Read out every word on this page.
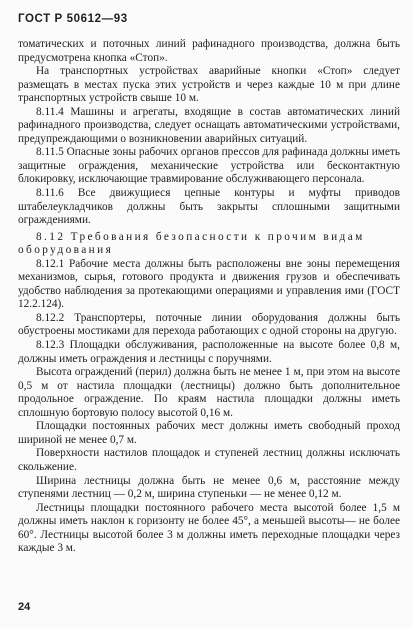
ГОСТ Р 50612—93

томатических и поточных линий рафинадного производства, должна быть предусмотрена кнопка «Стоп».

На транспортных устройствах аварийные кнопки «Стоп» следует размещать в местах пуска этих устройств и через каждые 10 м при длине транспортных устройств свыше 10 м.

8.11.4 Машины и агрегаты, входящие в состав автоматических линий рафинадного производства, следует оснащать автоматическими устройствами, предупреждающими о возникновении аварийных ситуаций.

8.11.5 Опасные зоны рабочих органов прессов для рафинада должны иметь защитные ограждения, механические устройства или бесконтактную блокировку, исключающие травмирование обслуживающего персонала.

8.11.6 Все движущиеся цепные контуры и муфты приводов штабелеукладчиков должны быть закрыты сплошными защитными ограждениями.

8.12 Требования безопасности к прочим видам оборудования

8.12.1 Рабочие места должны быть расположены вне зоны перемещения механизмов, сырья, готового продукта и движения грузов и обеспечивать удобство наблюдения за протекающими операциями и управления ими (ГОСТ 12.2.124).

8.12.2 Транспортеры, поточные линии оборудования должны быть обустроены мостиками для перехода работающих с одной стороны на другую.

8.12.3 Площадки обслуживания, расположенные на высоте более 0,8 м, должны иметь ограждения и лестницы с поручнями.

Высота ограждений (перил) должна быть не менее 1 м, при этом на высоте 0,5 м от настила площадки (лестницы) должно быть дополнительное продольное ограждение. По краям настила площадки должны иметь сплошную бортовую полосу высотой 0,16 м.

Площадки постоянных рабочих мест должны иметь свободный проход шириной не менее 0,7 м.

Поверхности настилов площадок и ступеней лестниц должны исключать скольжение.

Ширина лестницы должна быть не менее 0,6 м, расстояние между ступенями лестниц — 0,2 м, ширина ступеньки — не менее 0,12 м.

Лестницы площадки постоянного рабочего места высотой более 1,5 м должны иметь наклон к горизонту не более 45°, а меньшей высоты— не более 60°. Лестницы высотой более 3 м должны иметь переходные площадки через каждые 3 м.

24
